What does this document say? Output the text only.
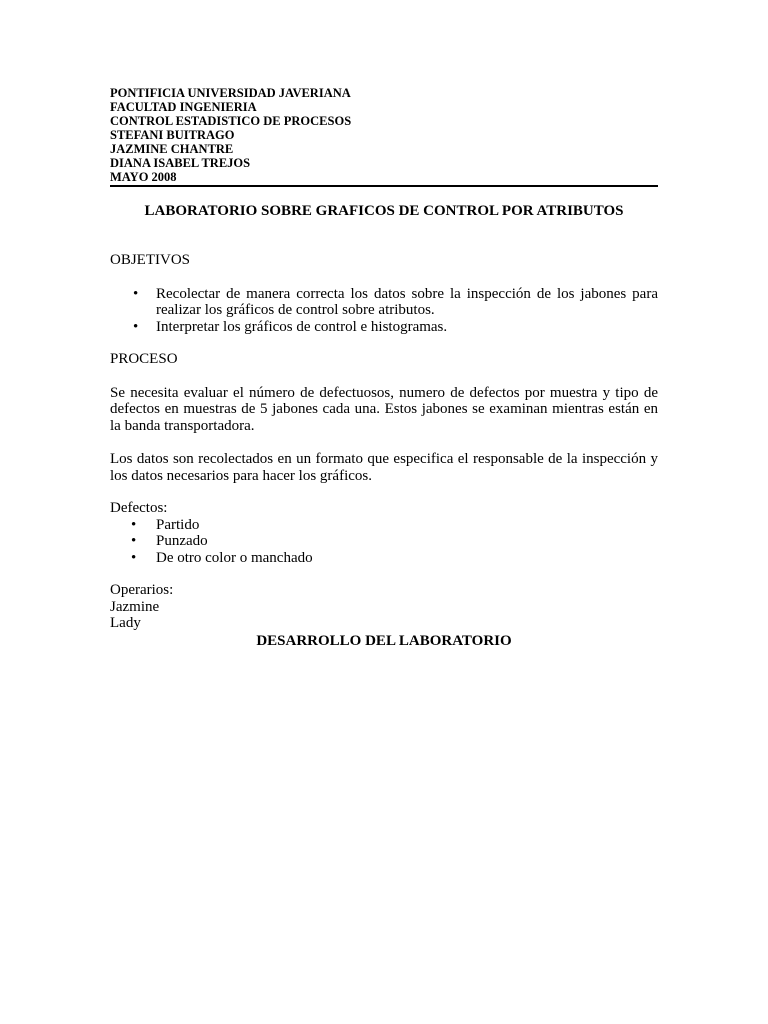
PONTIFICIA UNIVERSIDAD JAVERIANA
FACULTAD INGENIERIA
CONTROL ESTADISTICO DE PROCESOS
STEFANI BUITRAGO
JAZMINE CHANTRE
DIANA ISABEL TREJOS
MAYO 2008
LABORATORIO SOBRE GRAFICOS DE CONTROL POR ATRIBUTOS
OBJETIVOS
• Recolectar de manera correcta los datos sobre la inspección de los jabones para realizar los gráficos de control sobre atributos.
• Interpretar los gráficos de control e histogramas.
PROCESO
Se necesita evaluar el número de defectuosos, numero de defectos por muestra y tipo de defectos en muestras de 5 jabones cada una. Estos jabones se examinan mientras están en la banda transportadora.
Los datos son recolectados en un formato que especifica el responsable de la inspección y los datos necesarios para hacer los gráficos.
Defectos:
• Partido
• Punzado
• De otro color o manchado
Operarios:
Jazmine
Lady
DESARROLLO DEL LABORATORIO
